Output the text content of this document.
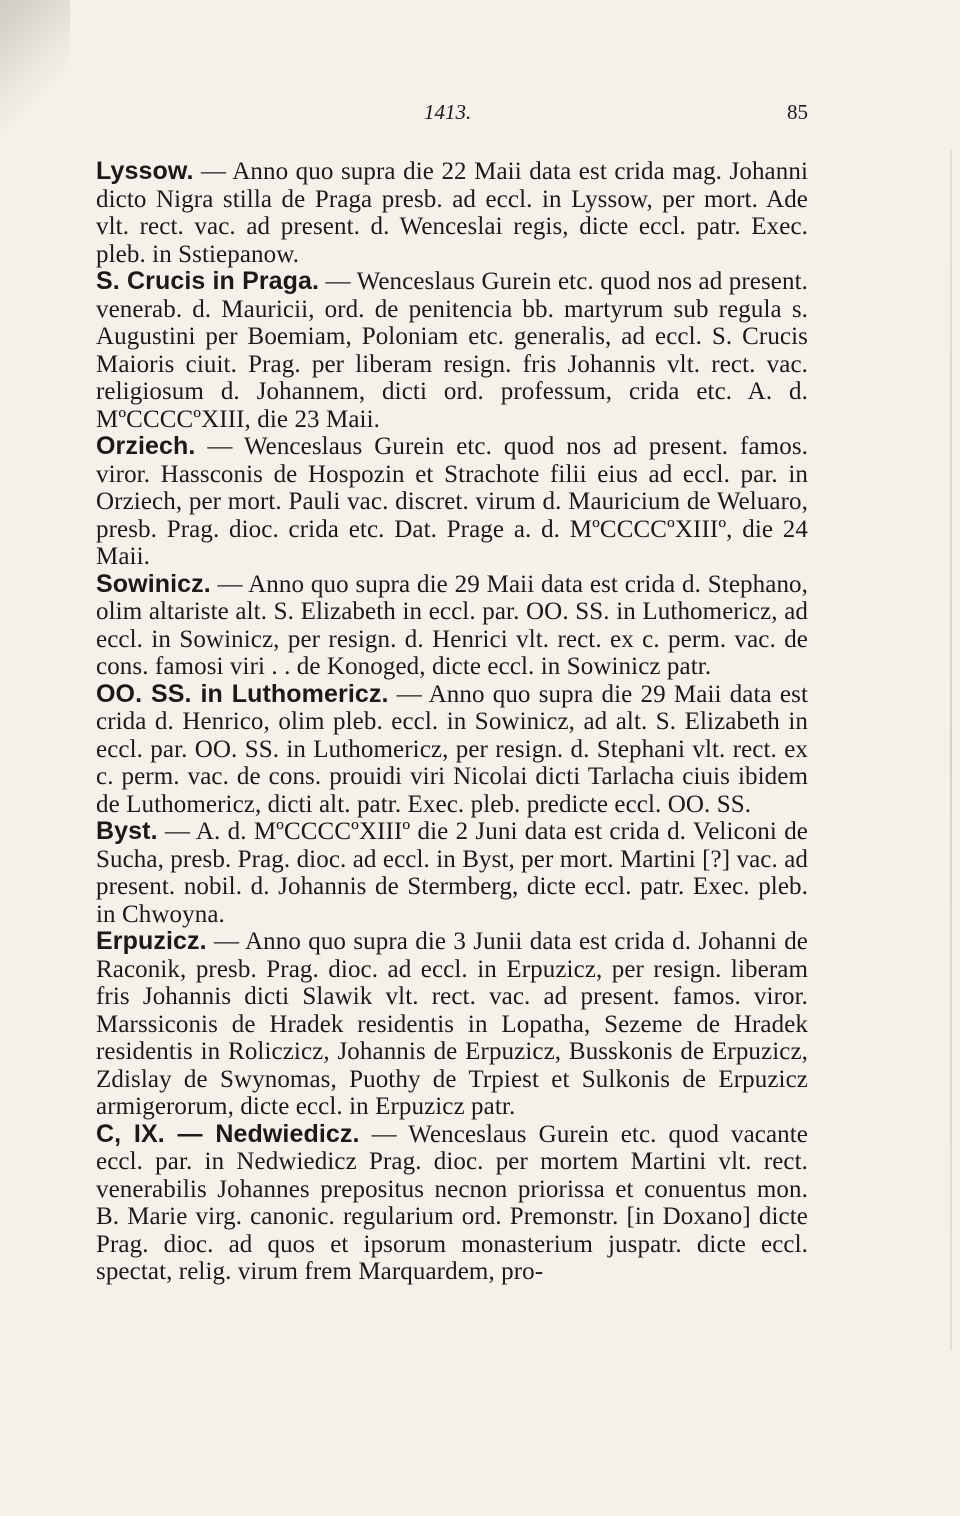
1413.	85

Lyssow. — Anno quo supra die 22 Maii data est crida mag. Johanni dicto Nigra stilla de Praga presb. ad eccl. in Lyssow, per mort. Ade vlt. rect. vac. ad present. d. Wenceslai regis, dicte eccl. patr. Exec. pleb. in Sstiepanow.

S. Crucis in Praga. — Wenceslaus Gurein etc. quod nos ad present. venerab. d. Mauricii, ord. de penitencia bb. martyrum sub regula s. Augustini per Boemiam, Poloniam etc. generalis, ad eccl. S. Crucis Maioris ciuit. Prag. per liberam resign. fris Johannis vlt. rect. vac. religiosum d. Johannem, dicti ord. professum, crida etc. A. d. MºCCCCºXIII, die 23 Maii.

Orziech. — Wenceslaus Gurein etc. quod nos ad present. famos. viror. Hassconis de Hospozin et Strachote filii eius ad eccl. par. in Orziech, per mort. Pauli vac. discret. virum d. Mauricium de Weluaro, presb. Prag. dioc. crida etc. Dat. Prage a. d. MºCCCCºXIIIº, die 24 Maii.

Sowinicz. — Anno quo supra die 29 Maii data est crida d. Stephano, olim altariste alt. S. Elizabeth in eccl. par. OO. SS. in Luthomericz, ad eccl. in Sowinicz, per resign. d. Henrici vlt. rect. ex c. perm. vac. de cons. famosi viri . . de Konoged, dicte eccl. in Sowinicz patr.

OO. SS. in Luthomericz. — Anno quo supra die 29 Maii data est crida d. Henrico, olim pleb. eccl. in Sowinicz, ad alt. S. Elizabeth in eccl. par. OO. SS. in Luthomericz, per resign. d. Stephani vlt. rect. ex c. perm. vac. de cons. prouidi viri Nicolai dicti Tarlacha ciuis ibidem de Luthomericz, dicti alt. patr. Exec. pleb. predicte eccl. OO. SS.

Byst. — A. d. MºCCCCºXIIIº die 2 Juni data est crida d. Veliconi de Sucha, presb. Prag. dioc. ad eccl. in Byst, per mort. Martini [?] vac. ad present. nobil. d. Johannis de Stermberg, dicte eccl. patr. Exec. pleb. in Chwoyna.

Erpuzicz. — Anno quo supra die 3 Junii data est crida d. Johanni de Raconik, presb. Prag. dioc. ad eccl. in Erpuzicz, per resign. liberam fris Johannis dicti Slawik vlt. rect. vac. ad present. famos. viror. Marssiconis de Hradek residentis in Lopatha, Sezeme de Hradek residentis in Roliczicz, Johannis de Erpuzicz, Busskonis de Erpuzicz, Zdislay de Swynomas, Puothy de Trpiest et Sulkonis de Erpuzicz armigerorum, dicte eccl. in Erpuzicz patr.

C, IX. — Nedwiedicz. — Wenceslaus Gurein etc. quod vacante eccl. par. in Nedwiedicz Prag. dioc. per mortem Martini vlt. rect. venerabilis Johannes prepositus necnon priorissa et conuentus mon. B. Marie virg. canonic. regularium ord. Premonstr. [in Doxano] dicte Prag. dioc. ad quos et ipsorum monasterium juspatr. dicte eccl. spectat, relig. virum frem Marquardem, pro-
